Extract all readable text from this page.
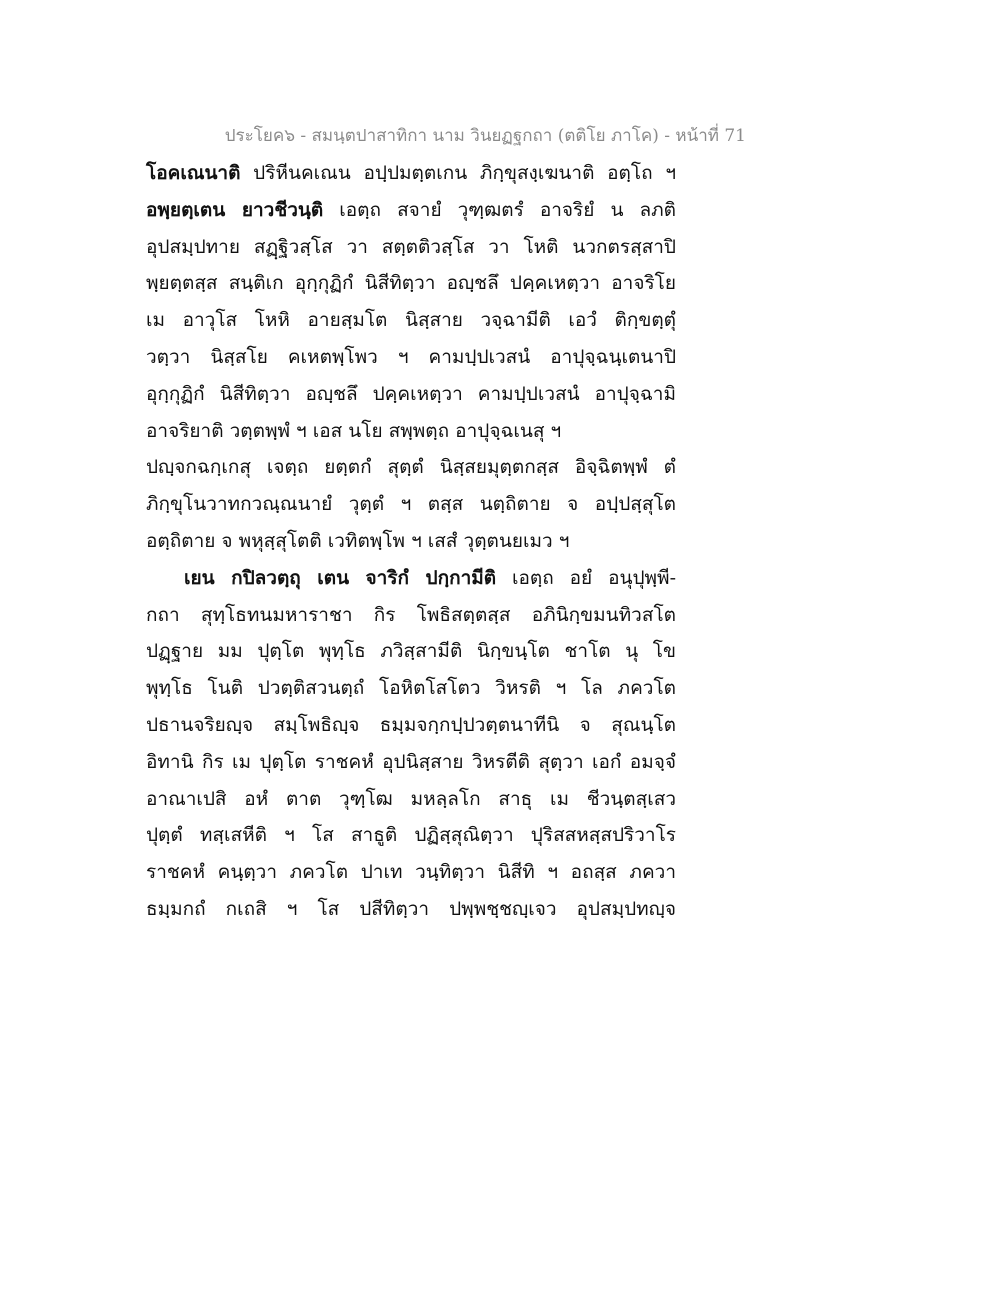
ประโยค๖ - สมนฺตปาสาทิกา นาม วินยฏฐกถา (ตติโย ภาโค) - หน้าที่ 71
โอคเณนาติ ปริหีนคเณน อปฺปมตฺตเกน ภิกฺขุสงฺเฆนาติ อตฺโถ ฯ
อพฺยตฺเตน ยาวชีวนฺติ เอตฺถ สจายํ วุฑฺฒตรํ อาจริยํ น ลภติ
อุปสมฺปทาย สฏฺฐิวสฺโส วา สตฺตติวสฺโส วา โหติ นวกตรสฺสาปิ
พฺยตฺตสฺส สนฺติเก อุกฺกุฏิกํ นิสีทิตฺวา อญฺชลึ ปคฺคเหตฺวา อาจริโย
เม อาวุโส โหหิ อายสฺมโต นิสฺสาย วจฺฉามีติ เอวํ ติกฺขตฺตุํ
วตฺวา นิสฺสโย คเหตพฺโพว ฯ คามปฺปเวสนํ อาปุจฺฉนฺเตนาปิ
อุกฺกุฏิกํ นิสีทิตฺวา อญฺชลึ ปคฺคเหตฺวา คามปฺปเวสนํ อาปุจฺฉามิ
อาจริยาติ วตฺตพฺพํ ฯ เอส นโย สพฺพตฺถ อาปุจฺฉเนสุ ฯ
ปญฺจกฉกฺเกสุ เจตฺถ ยตฺตกํ สุตฺตํ นิสฺสยมุตฺตกสฺส อิจฺฉิตพฺพํ ตํ
ภิกฺขุโนวาทกวณฺณนายํ วุตฺตํ ฯ ตสฺส นตฺถิตาย จ อปฺปสฺสุโต
อตฺถิตาย จ พหุสฺสุโตติ เวทิตพฺโพ ฯ เสสํ วุตฺตนยเมว ฯ
เยน กปิลวตฺถุ เตน จาริกํ ปกฺกามีติ เอตฺถ อยํ อนุปุพฺพี-
กถา สุทฺโธทนมหาราชา กิร โพธิสตฺตสฺส อภินิกฺขมนทิวสโต
ปฏฺฐาย มม ปุตฺโต พุทฺโธ ภวิสฺสามีติ นิกฺขนฺโต ชาโต นุ โข
พุทฺโธ โนติ ปวตฺติสวนตฺถํ โอหิตโสโตว วิหรติ ฯ โล ภควโต
ปธานจริยญฺจ สมฺโพธิญฺจ ธมฺมจกฺกปฺปวตฺตนาทีนิ จ สุณนฺโต
อิทานิ กิร เม ปุตฺโต ราชคหํ อุปนิสฺสาย วิหรตีติ สุตฺวา เอกํ อมจฺจํ
อาณาเปสิ อหํ ตาต วุฑฺโฒ มหลฺลโก สาธุ เม ชีวนฺตสฺเสว
ปุตฺตํ ทสฺเสหีติ ฯ โส สาธูติ ปฏิสฺสุณิตฺวา ปุริสสหสฺสปริวาโร
ราชคหํ คนฺตฺวา ภควโต ปาเท วนฺทิตฺวา นิสีทิ ฯ อถสฺส ภควา
ธมฺมกถํ กเถสิ ฯ โส ปสีทิตฺวา ปพฺพชฺชญฺเจว อุปสมฺปทญฺจ
